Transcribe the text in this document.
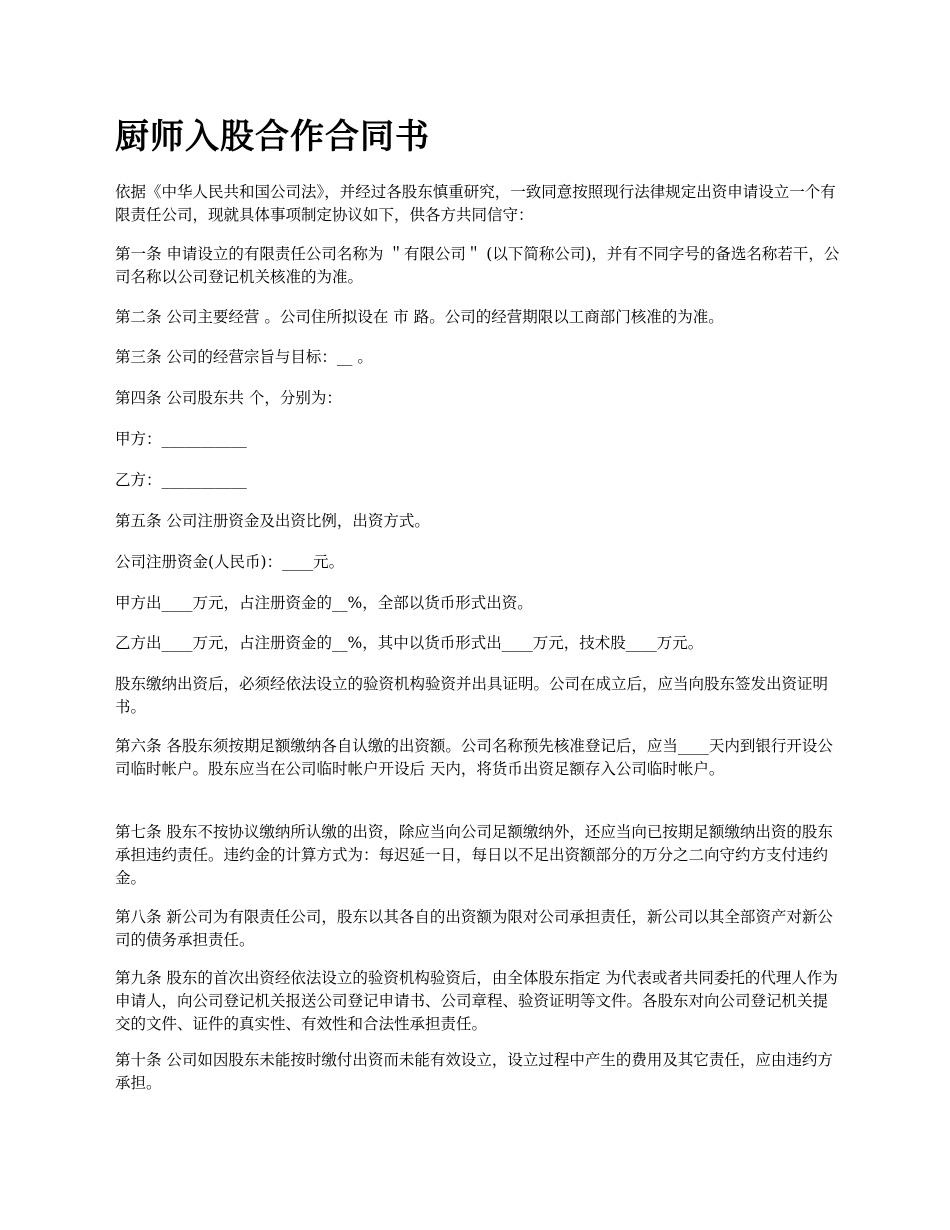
厨师入股合作合同书

依据《中华人民共和国公司法》，并经过各股东慎重研究，一致同意按照现行法律规定出资申请设立一个有限责任公司，现就具体事项制定协议如下，供各方共同信守：

第一条 申请设立的有限责任公司名称为 ＂有限公司＂ (以下简称公司)，并有不同字号的备选名称若干，公司名称以公司登记机关核准的为准。

第二条 公司主要经营 。公司住所拟设在 市 路。公司的经营期限以工商部门核准的为准。

第三条 公司的经营宗旨与目标：__ 。

第四条 公司股东共 个，分别为：

甲方：___________

乙方：___________

第五条 公司注册资金及出资比例，出资方式。

公司注册资金(人民币)：____元。

甲方出____万元，占注册资金的__%，全部以货币形式出资。

乙方出____万元，占注册资金的__%，其中以货币形式出____万元，技术股____万元。

股东缴纳出资后，必须经依法设立的验资机构验资并出具证明。公司在成立后，应当向股东签发出资证明书。

第六条 各股东须按期足额缴纳各自认缴的出资额。公司名称预先核准登记后，应当____天内到银行开设公司临时帐户。股东应当在公司临时帐户开设后 天内，将货币出资足额存入公司临时帐户。

第七条 股东不按协议缴纳所认缴的出资，除应当向公司足额缴纳外，还应当向已按期足额缴纳出资的股东承担违约责任。违约金的计算方式为：每迟延一日，每日以不足出资额部分的万分之二向守约方支付违约金。

第八条 新公司为有限责任公司，股东以其各自的出资额为限对公司承担责任，新公司以其全部资产对新公司的债务承担责任。

第九条 股东的首次出资经依法设立的验资机构验资后，由全体股东指定 为代表或者共同委托的代理人作为申请人，向公司登记机关报送公司登记申请书、公司章程、验资证明等文件。各股东对向公司登记机关提交的文件、证件的真实性、有效性和合法性承担责任。

第十条 公司如因股东未能按时缴付出资而未能有效设立，设立过程中产生的费用及其它责任，应由违约方承担。
